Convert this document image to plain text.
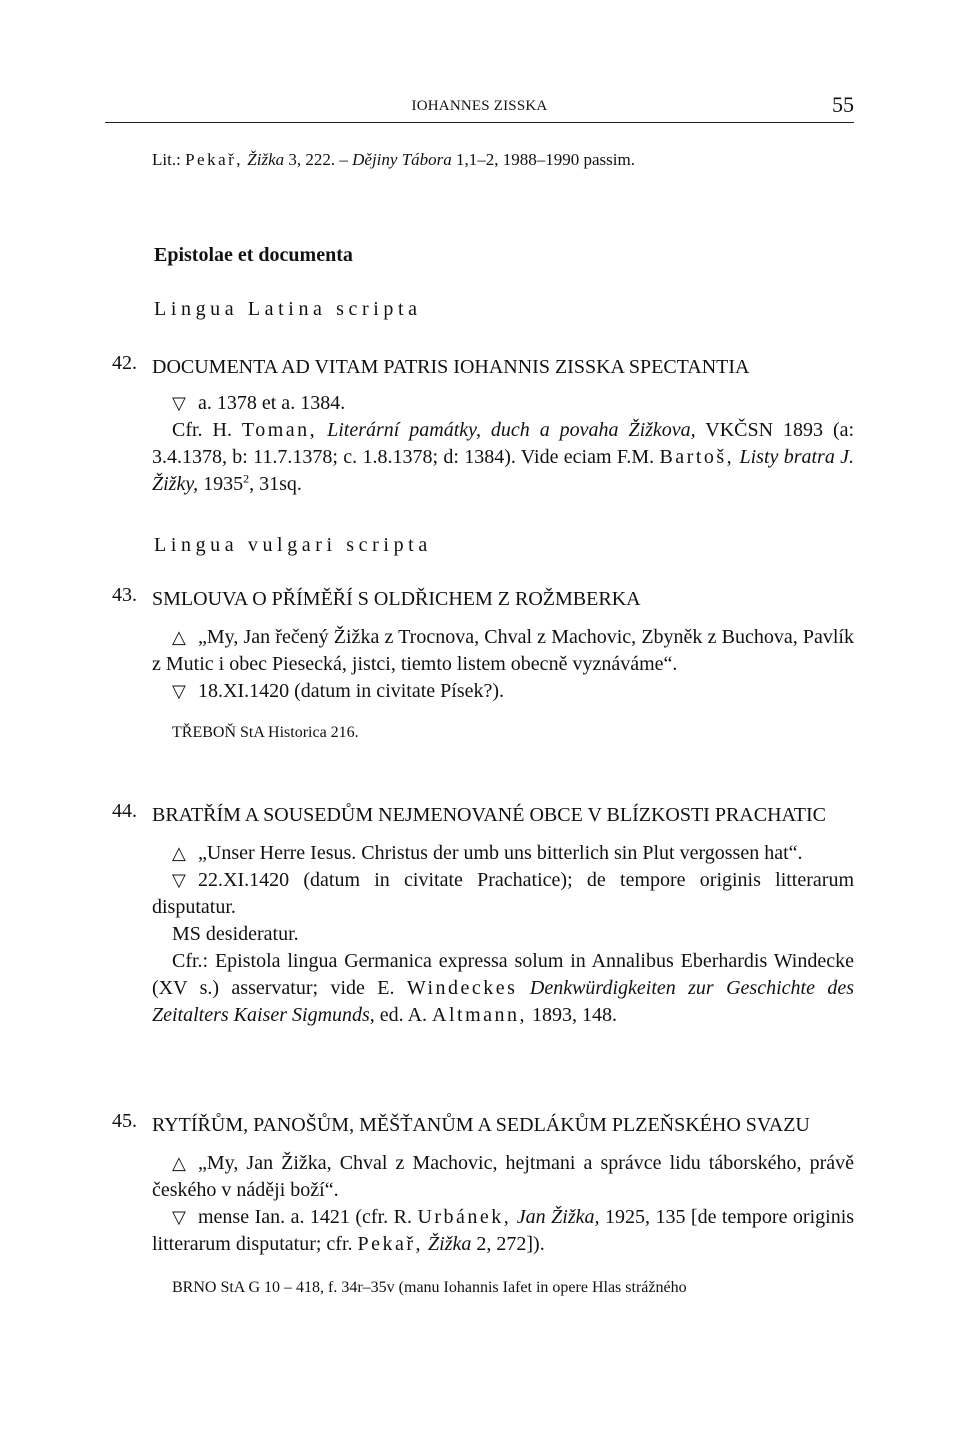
IOHANNES ZISSKA	55
Lit.: Pekař, Žižka 3, 222. – Dějiny Tábora 1,1–2, 1988–1990 passim.
Epistolae et documenta
Lingua Latina scripta
42. DOCUMENTA AD VITAM PATRIS IOHANNIS ZISSKA SPECTANTIA

▽ a. 1378 et a. 1384.

Cfr. H. Toman, Literární památky, duch a povaha Žižkova, VKČSN 1893 (a: 3.4.1378, b: 11.7.1378; c. 1.8.1378; d: 1384). Vide eciam F.M. Bartoš, Listy bratra J. Žižky, 1935$^2$, 31sq.

Lingua vulgari scripta
43. SMLOUVA O PŘÍMĚŘÍ S OLDŘICHEM Z ROŽMBERKA

△ „My, Jan řečený Žižka z Trocnova, Chval z Machovic, Zbyněk z Buchova, Pavlík z Mutic i obec Piesecká, jistci, tiemto listem obecně vyznáváme“.

▽ 18.XI.1420 (datum in civitate Písek?).

TŘEBOŇ StA Historica 216.
44. BRATŘÍM A SOUSEDŮM NEJMENOVANÉ OBCE V BLÍZKOSTI PRACHATIC

△ „Unser Herre Iesus. Christus der umb uns bitterlich sin Plut vergossen hat“.

▽ 22.XI.1420 (datum in civitate Prachatice); de tempore originis litterarum disputatur.

MS desideratur.

Cfr.: Epistola lingua Germanica expressa solum in Annalibus Eberhardis Windecke (XV s.) asservatur; vide E. Windeckes Denkwürdigkeiten zur Geschichte des Zeitalters Kaiser Sigmunds, ed. A. Altmann, 1893, 148.

45. RYTÍŘŮM, PANOŠŮM, MĚŠŤANŮM A SEDLÁKŮM PLZEŇSKÉHO SVAZU

△ „My, Jan Žižka, Chval z Machovic, hejtmani a správce lidu táborského, právě českého v náději boží“.

▽ mense Ian. a. 1421 (cfr. R. Urbánek, Jan Žižka, 1925, 135 [de tempore originis litterarum disputatur; cfr. Pekař, Žižka 2, 272]).

BRNO StA G 10 – 418, f. 34r–35v (manu Iohannis Iafet in opere Hlas strážného
